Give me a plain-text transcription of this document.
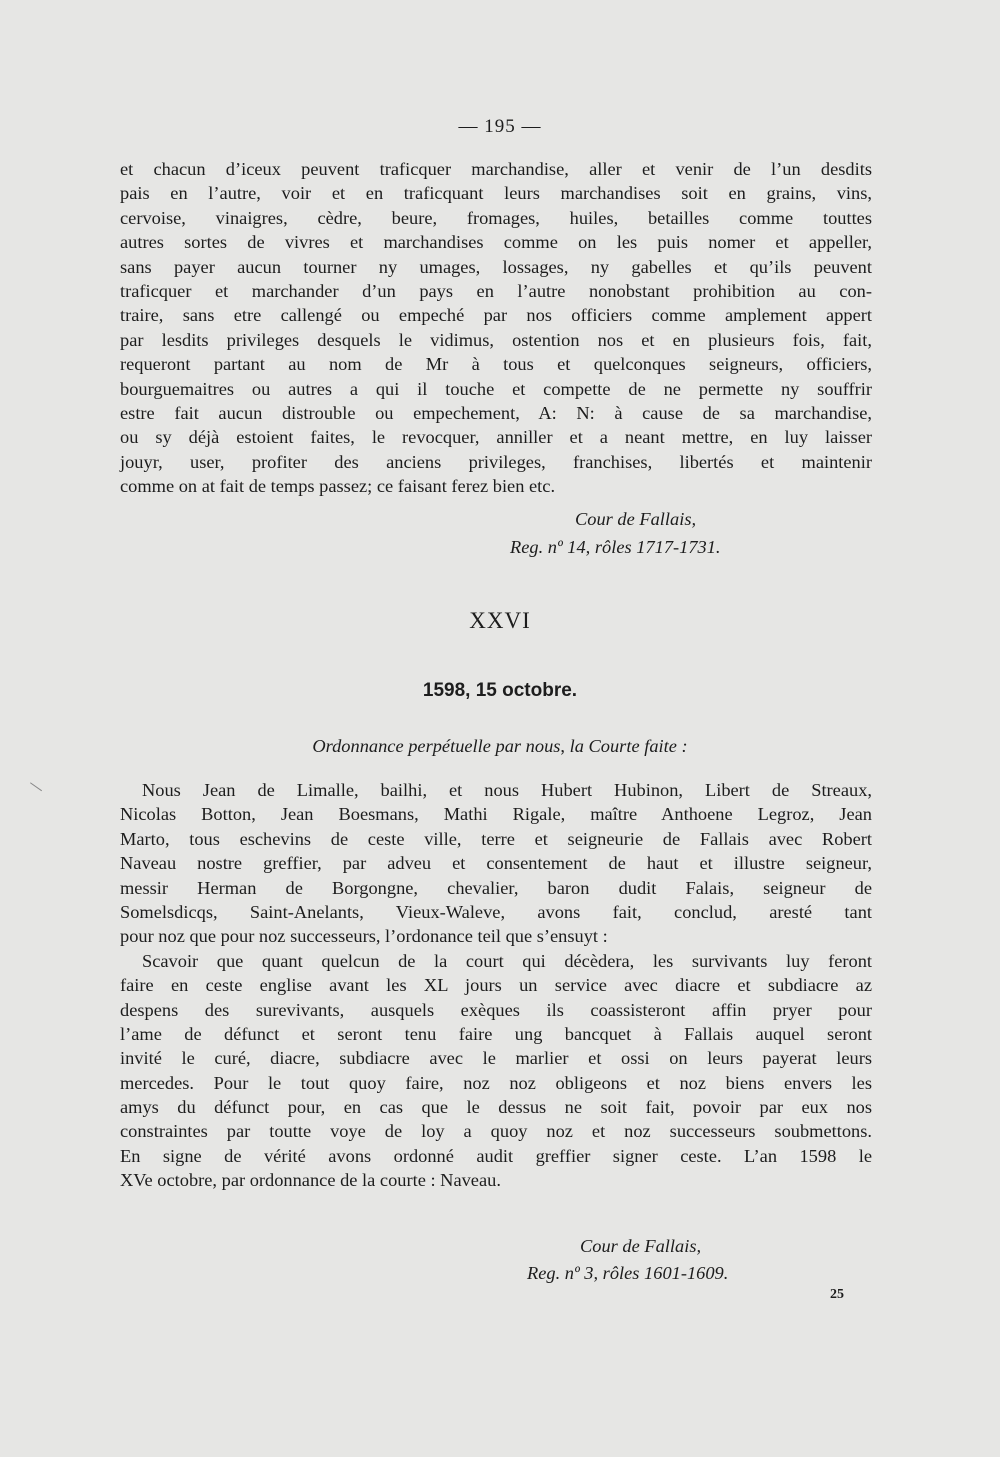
— 195 —
et chacun d’iceux peuvent traficquer marchandise, aller et venir de l’un desdits
pais en l’autre, voir et en traficquant leurs marchandises soit en grains, vins,
cervoise, vinaigres, cèdre, beure, fromages, huiles, betailles comme touttes
autres sortes de vivres et marchandises comme on les puis nomer et appeller,
sans payer aucun tourner ny umages, lossages, ny gabelles et qu’ils peuvent
traficquer et marchander d’un pays en l’autre nonobstant prohibition au con-
traire, sans etre callengé ou empeché par nos officiers comme amplement appert
par lesdits privileges desquels le vidimus, ostention nos et en plusieurs fois, fait,
requeront partant au nom de Mr à tous et quelconques seigneurs, officiers,
bourguemaitres ou autres a qui il touche et compette de ne permette ny souffrir
estre fait aucun distrouble ou empechement, A: N: à cause de sa marchandise,
ou sy déjà estoient faites, le revocquer, anniller et a neant mettre, en luy laisser
jouyr, user, profiter des anciens privileges, franchises, libertés et maintenir
comme on at fait de temps passez; ce faisant ferez bien etc.
Cour de Fallais,
Reg. nº 14, rôles 1717-1731.
XXVI
1598, 15 octobre.
Ordonnance perpétuelle par nous, la Courte faite :
Nous Jean de Limalle, bailhi, et nous Hubert Hubinon, Libert de Streaux,
Nicolas Botton, Jean Boesmans, Mathi Rigale, maître Anthoene Legroz, Jean
Marto, tous eschevins de ceste ville, terre et seigneurie de Fallais avec Robert
Naveau nostre greffier, par adveu et consentement de haut et illustre seigneur,
messir Herman de Borgongne, chevalier, baron dudit Falais, seigneur de
Somelsdicqs, Saint-Anelants, Vieux-Waleve, avons fait, conclud, aresté tant
pour noz que pour noz successeurs, l’ordonance teil que s’ensuyt :
Scavoir que quant quelcun de la court qui décèdera, les survivants luy feront
faire en ceste englise avant les XL jours un service avec diacre et subdiacre az
despens des surevivants, ausquels exèques ils coassisteront affin pryer pour
l’ame de défunct et seront tenu faire ung bancquet à Fallais auquel seront
invité le curé, diacre, subdiacre avec le marlier et ossi on leurs payerat leurs
mercedes. Pour le tout quoy faire, noz noz obligeons et noz biens envers les
amys du défunct pour, en cas que le dessus ne soit fait, povoir par eux nos
constraintes par toutte voye de loy a quoy noz et noz successeurs soubmettons.
En signe de vérité avons ordonné audit greffier signer ceste. L’an 1598 le
XVe octobre, par ordonnance de la courte : Naveau.
Cour de Fallais,
Reg. nº 3, rôles 1601-1609.
25
